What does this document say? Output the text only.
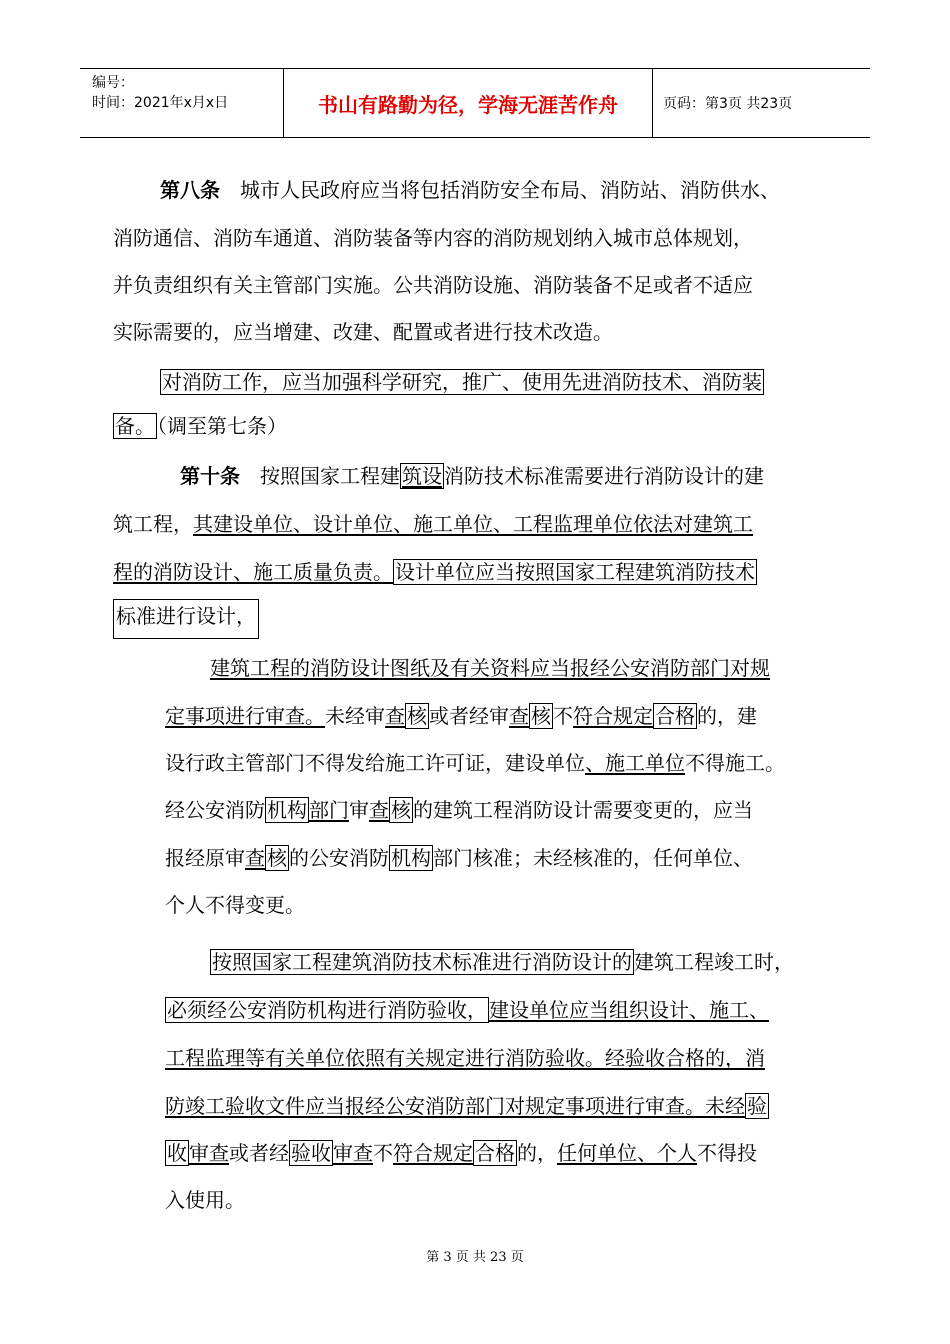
编号：
时间：2021年x月x日	书山有路勤为径，学海无涯苦作舟	页码：第3页 共23页
第八条　城市人民政府应当将包括消防安全布局、消防站、消防供水、
消防通信、消防车通道、消防装备等内容的消防规划纳入城市总体规划，
并负责组织有关主管部门实施。公共消防设施、消防装备不足或者不适应
实际需要的，应当增建、改建、配置或者进行技术改造。
对消防工作，应当加强科学研究，推广、使用先进消防技术、消防装
备。 （调至第七条）
第十条　按照国家工程建 筑设 消防技术标准需要进行消防设计的建
筑工程，其建设单位、设计单位、施工单位、工程监理单位依法对建筑工
程的消防设计、施工质量负责。 设计单位应当按照国家工程建筑消防技术
标准进行设计，
建筑工程的消防设计图纸及有关资料应当报经公安消防部门对规
定事项进行审查。未经审查 核 或者经审查 核 不符合规定 合格 的，建
设行政主管部门不得发给施工许可证，建设单位、施工单位不得施工。
经公安消防 机构 部门审查 核 的建筑工程消防设计需要变更的，应当
报经原审查 核 的公安消防 机构 部门核准；未经核准的，任何单位、
个人不得变更。
按照国家工程建筑消防技术标准进行消防设计的 建筑工程竣工时，
必须经公安消防机构进行消防验收， 建设单位应当组织设计、施工、
工程监理等有关单位依照有关规定进行消防验收。经验收合格的，消
防竣工验收文件应当报经公安消防部门对规定事项进行审查。未经 验
收 审查或者经 验收 审查不符合规定 合格 的，任何单位、个人不得投
入使用。
第 3 页 共 23 页
